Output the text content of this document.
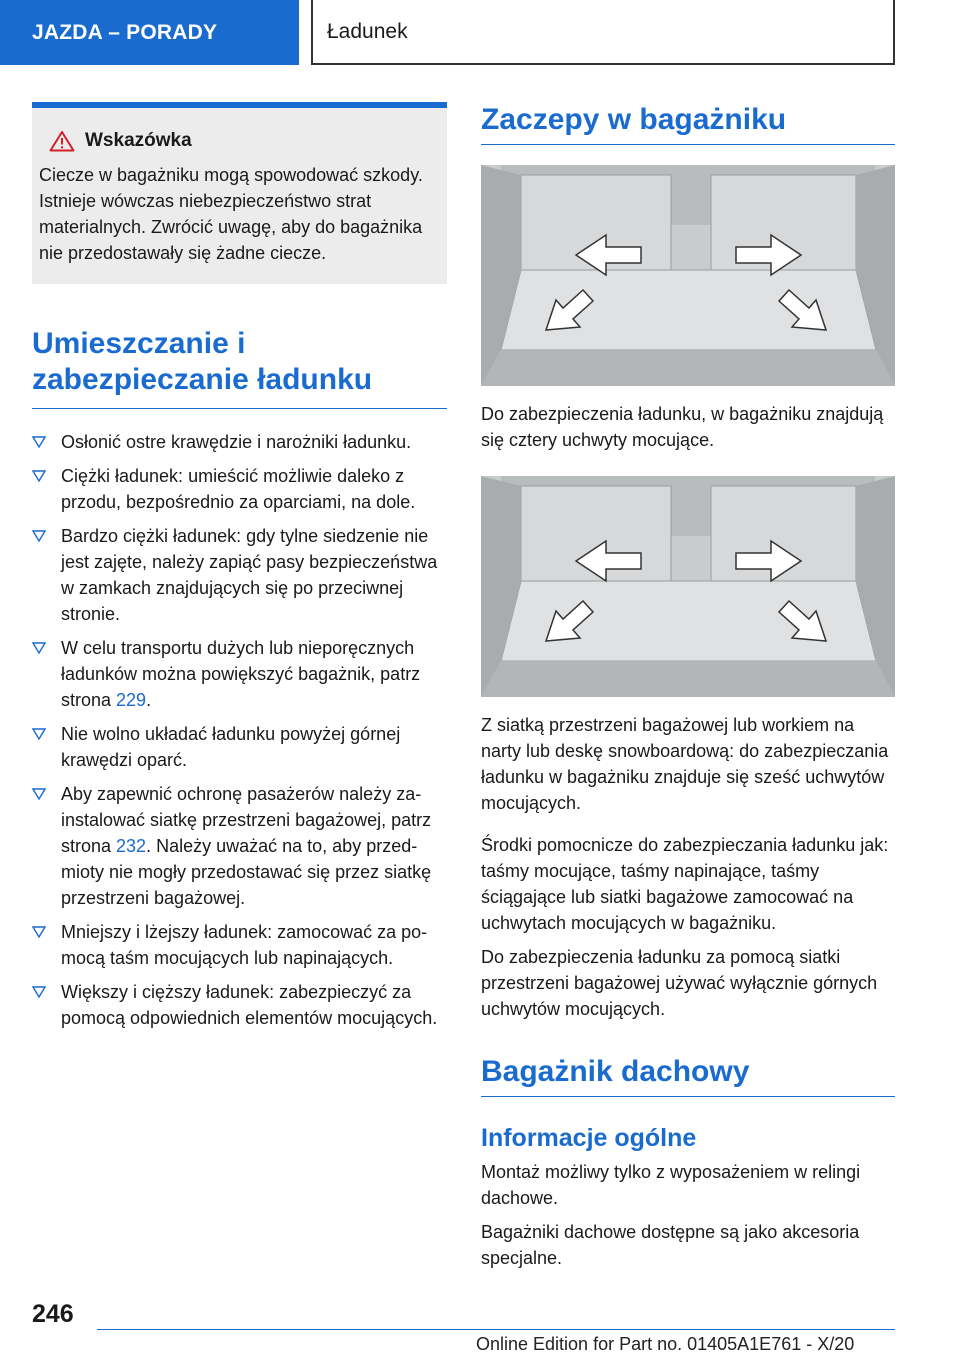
JAZDA – PORADY	Ładunek
Wskazówka
Ciecze w bagażniku mogą spowodować szkody. Istnieje wówczas niebezpieczeństwo strat materialnych. Zwrócić uwagę, aby do bagażnika nie przedostawały się żadne ciecze.
Umieszczanie i zabezpieczanie ładunku
Osłonić ostre krawędzie i narożniki ładunku.
Ciężki ładunek: umieścić możliwie daleko z przodu, bezpośrednio za oparciami, na dole.
Bardzo ciężki ładunek: gdy tylne siedzenie nie jest zajęte, należy zapiąć pasy bezpieczeństwa w zamkach znajdujących się po przeciwnej stronie.
W celu transportu dużych lub nieporęcznych ładunków można powiększyć bagażnik, patrz strona 229.
Nie wolno układać ładunku powyżej górnej krawędzi oparć.
Aby zapewnić ochronę pasażerów należy zainstalować siatkę przestrzeni bagażowej, patrz strona 232. Należy uważać na to, aby przedmioty nie mogły przedostawać się przez siatkę przestrzeni bagażowej.
Mniejszy i lżejszy ładunek: zamocować za pomocą taśm mocujących lub napinających.
Większy i cięższy ładunek: zabezpieczyć za pomocą odpowiednich elementów mocujących.
Zaczepy w bagażniku

Do zabezpieczenia ładunku, w bagażniku znajdują się cztery uchwyty mocujące.

Z siatką przestrzeni bagażowej lub workiem na narty lub deskę snowboardową: do zabezpieczania ładunku w bagażniku znajduje się sześć uchwytów mocujących.

Środki pomocnicze do zabezpieczania ładunku jak: taśmy mocujące, taśmy napinające, taśmy ściągające lub siatki bagażowe zamocować na uchwytach mocujących w bagażniku.

Do zabezpieczenia ładunku za pomocą siatki przestrzeni bagażowej używać wyłącznie górnych uchwytów mocujących.

Bagażnik dachowy
Informacje ogólne

Montaż możliwy tylko z wyposażeniem w relingi dachowe.

Bagażniki dachowe dostępne są jako akcesoria specjalne.

246
Online Edition for Part no. 01405A1E761 - X/20
